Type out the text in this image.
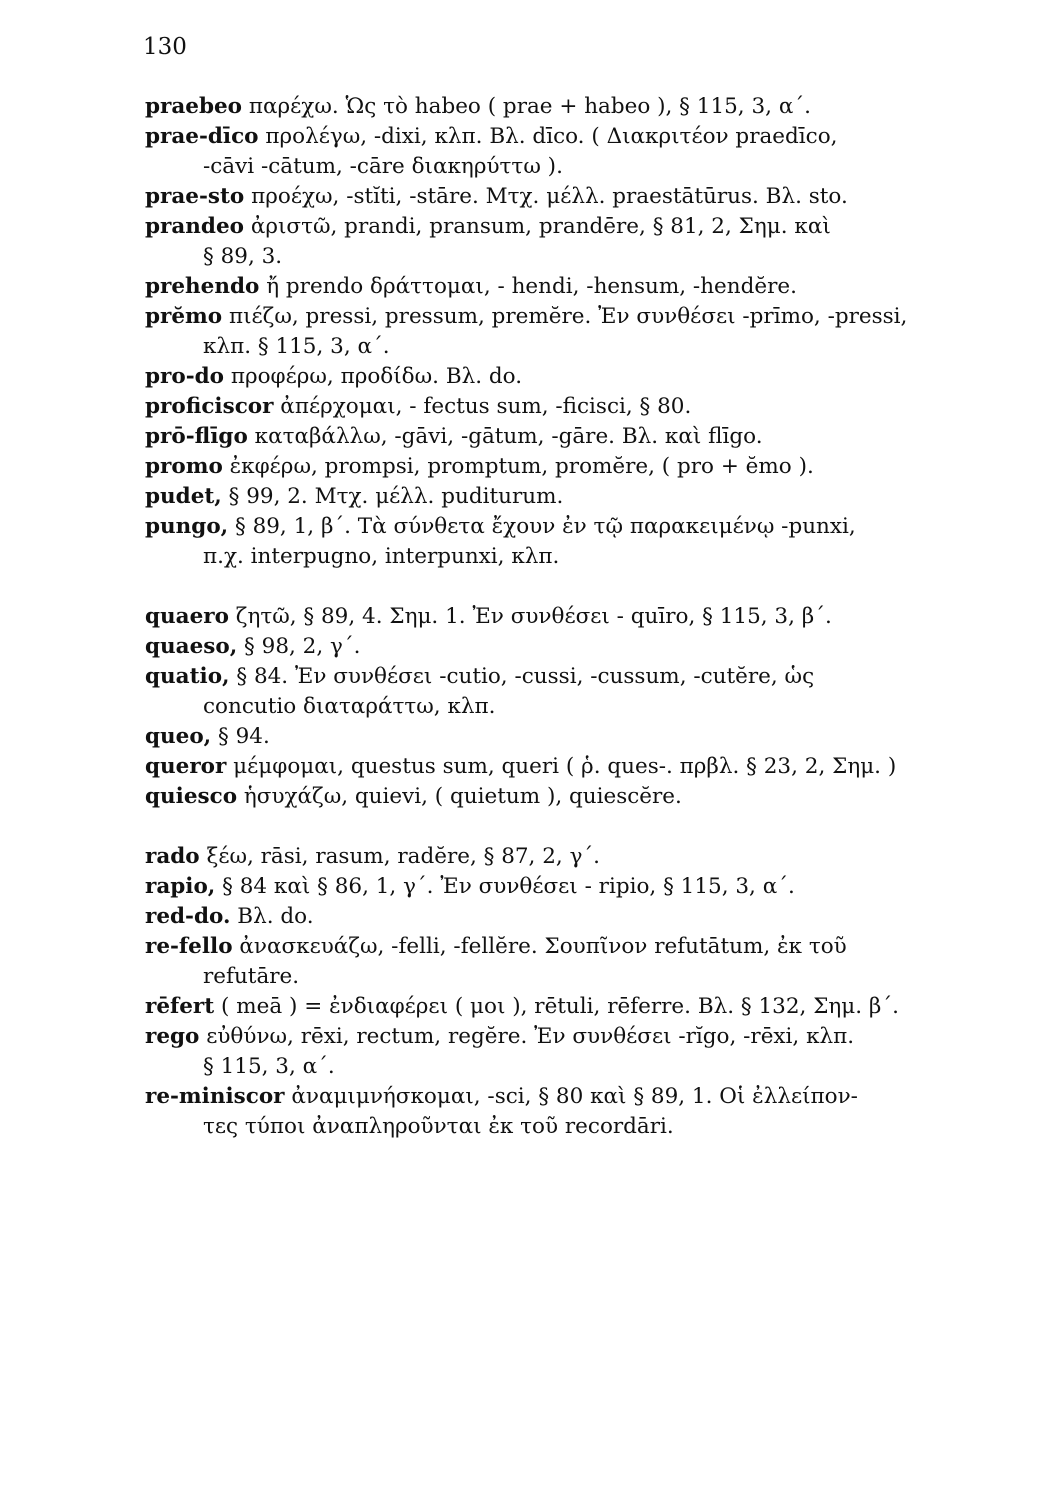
130
praebeo παρέχω. Ὡς τὸ habeo ( prae + habeo ), § 115, 3, α΄.
prae-dīco προλέγω, -dixi, κλπ. Βλ. dīco. ( Διακριτέον praedīco,
-cāvi -cātum, -cāre διακηρύττω ).
prae-sto προέχω, -stĭti, -stāre. Μτχ. μέλλ. praestātūrus. Βλ. sto.
prandeo ἀριστῶ, prandi, pransum, prandēre, § 81, 2, Σημ. καὶ
§ 89, 3.
prehendo ἤ prendo δράττομαι, - hendi, -hensum, -hendĕre.
prĕmo πιέζω, pressi, pressum, premĕre. Ἐν συνθέσει -prīmo, -pressi,
κλπ. § 115, 3, α΄.
pro-do προφέρω, προδίδω. Βλ. do.
proficiscor ἀπέρχομαι, - fectus sum, -ficisci, § 80.
prō-flīgo καταβάλλω, -gāvi, -gātum, -gāre. Βλ. καὶ flīgo.
promo ἐκφέρω, prompsi, promptum, promĕre, ( pro + ĕmo ).
pudet, § 99, 2. Μτχ. μέλλ. puditurum.
pungo, § 89, 1, β΄. Τὰ σύνθετα ἔχουν ἐν τῷ παρακειμένῳ -punxi,
π.χ. interpugno, interpunxi, κλπ.
quaero ζητῶ, § 89, 4. Σημ. 1. Ἐν συνθέσει - quīro, § 115, 3, β΄.
quaeso, § 98, 2, γ΄.
quatio, § 84. Ἐν συνθέσει -cutio, -cussi, -cussum, -cutĕre, ὡς
concutio διαταράττω, κλπ.
queo, § 94.
queror μέμφομαι, questus sum, queri ( ῥ. ques-. πρβλ. § 23, 2, Σημ. )
quiesco ἡσυχάζω, quievi, ( quietum ), quiescĕre.
rado ξέω, rāsi, rasum, radĕre, § 87, 2, γ΄.
rapio, § 84 καὶ § 86, 1, γ΄. Ἐν συνθέσει - ripio, § 115, 3, α΄.
red-do. Βλ. do.
re-fello ἀνασκευάζω, -felli, -fellĕre. Σουπῖνον refutātum, ἐκ τοῦ
refutāre.
rēfert ( meā ) = ἐνδιαφέρει ( μοι ), rētuli, rēferre. Βλ. § 132, Σημ. β΄.
rego εὐθύνω, rēxi, rectum, regĕre. Ἐν συνθέσει -rĭgo, -rēxi, κλπ.
§ 115, 3, α΄.
re-miniscor ἀναμιμνήσκομαι, -sci, § 80 καὶ § 89, 1. Οἱ ἐλλείπον-
τες τύποι ἀναπληροῦνται ἐκ τοῦ recordāri.
